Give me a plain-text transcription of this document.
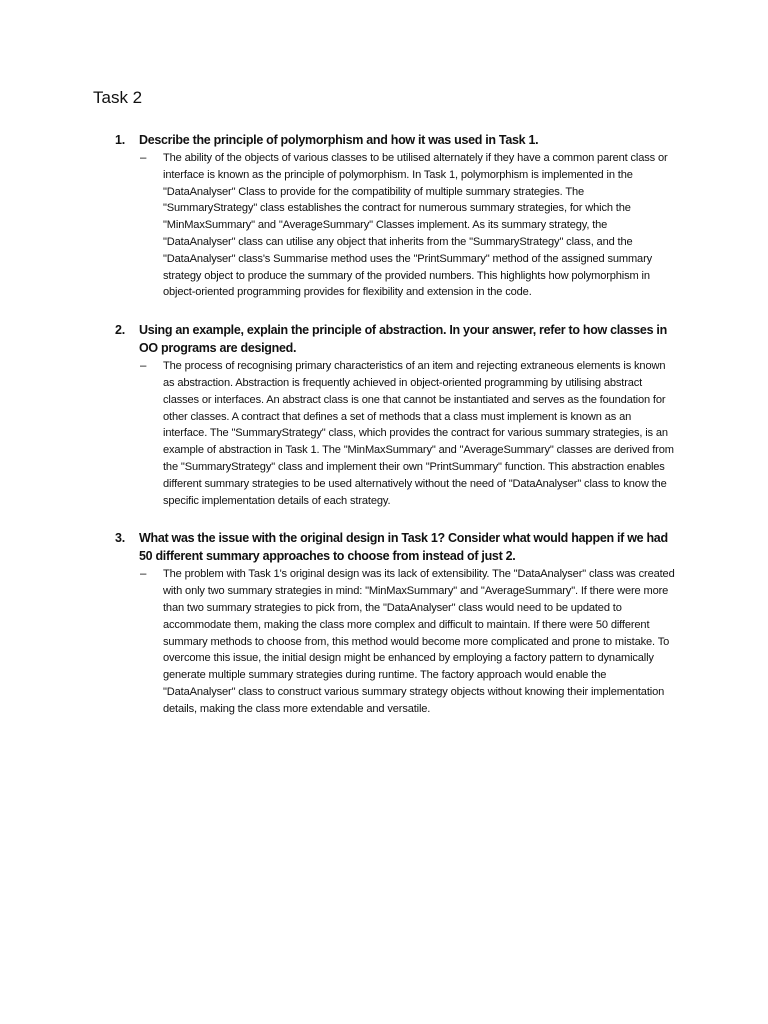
Task 2
1. Describe the principle of polymorphism and how it was used in Task 1.
– The ability of the objects of various classes to be utilised alternately if they have a common parent class or interface is known as the principle of polymorphism. In Task 1, polymorphism is implemented in the "DataAnalyser" Class to provide for the compatibility of multiple summary strategies. The "SummaryStrategy" class establishes the contract for numerous summary strategies, for which the "MinMaxSummary" and "AverageSummary" Classes implement. As its summary strategy, the "DataAnalyser" class can utilise any object that inherits from the "SummaryStrategy" class, and the "DataAnalyser" class's Summarise method uses the "PrintSummary" method of the assigned summary strategy object to produce the summary of the provided numbers. This highlights how polymorphism in object-oriented programming provides for flexibility and extension in the code.
2. Using an example, explain the principle of abstraction. In your answer, refer to how classes in OO programs are designed.
– The process of recognising primary characteristics of an item and rejecting extraneous elements is known as abstraction. Abstraction is frequently achieved in object-oriented programming by utilising abstract classes or interfaces. An abstract class is one that cannot be instantiated and serves as the foundation for other classes. A contract that defines a set of methods that a class must implement is known as an interface. The "SummaryStrategy" class, which provides the contract for various summary strategies, is an example of abstraction in Task 1. The "MinMaxSummary" and "AverageSummary" classes are derived from the "SummaryStrategy" class and implement their own "PrintSummary" function. This abstraction enables different summary strategies to be used alternatively without the need of "DataAnalyser" class to know the specific implementation details of each strategy.
3. What was the issue with the original design in Task 1? Consider what would happen if we had 50 different summary approaches to choose from instead of just 2.
– The problem with Task 1's original design was its lack of extensibility. The "DataAnalyser" class was created with only two summary strategies in mind: "MinMaxSummary" and "AverageSummary". If there were more than two summary strategies to pick from, the "DataAnalyser" class would need to be updated to accommodate them, making the class more complex and difficult to maintain. If there were 50 different summary methods to choose from, this method would become more complicated and prone to mistake. To overcome this issue, the initial design might be enhanced by employing a factory pattern to dynamically generate multiple summary strategies during runtime. The factory approach would enable the "DataAnalyser" class to construct various summary strategy objects without knowing their implementation details, making the class more extendable and versatile.
